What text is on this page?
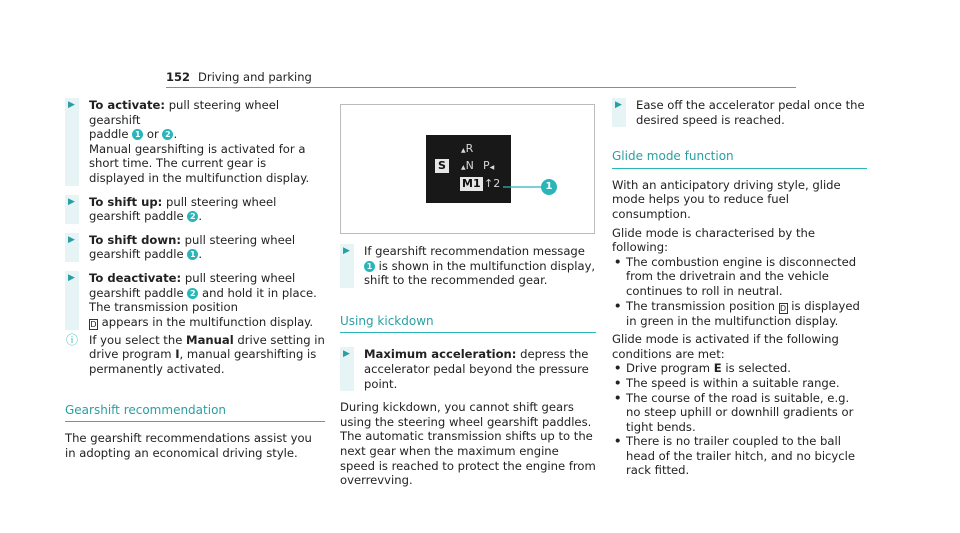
152 Driving and parking
▶ To activate: pull steering wheel gearshift
paddle 1 or 2 .
Manual gearshifting is activated for a short time. The current gear is displayed in the multifunction display.
▶ To shift up: pull steering wheel gearshift paddle 2 .
▶ To shift down: pull steering wheel gearshift paddle 1 .
▶ To deactivate: pull steering wheel gearshift paddle 2 and hold it in place.
The transmission position
D appears in the multifunction display.
ⓘ If you select the Manual drive setting in drive program I, manual gearshifting is permanently activated.
Gearshift recommendation
The gearshift recommendations assist you in adopting an economical driving style.
▲R
S	▲N P◀
M1 ↑2	1
▶ If gearshift recommendation message 1 is shown in the multifunction display, shift to the recommended gear.
Using kickdown
▶ Maximum acceleration: depress the accelerator pedal beyond the pressure point.
During kickdown, you cannot shift gears using the steering wheel gearshift paddles. The automatic transmission shifts up to the next gear when the maximum engine speed is reached to protect the engine from overrevving.
▶ Ease off the accelerator pedal once the desired speed is reached.
Glide mode function
With an anticipatory driving style, glide mode helps you to reduce fuel consumption.
Glide mode is characterised by the following:
• The combustion engine is disconnected from the drivetrain and the vehicle continues to roll in neutral.
• The transmission position D is displayed in green in the multifunction display.
Glide mode is activated if the following conditions are met:
• Drive program E is selected.
• The speed is within a suitable range.
• The course of the road is suitable, e.g. no steep uphill or downhill gradients or tight bends.
• There is no trailer coupled to the ball head of the trailer hitch, and no bicycle rack fitted.
